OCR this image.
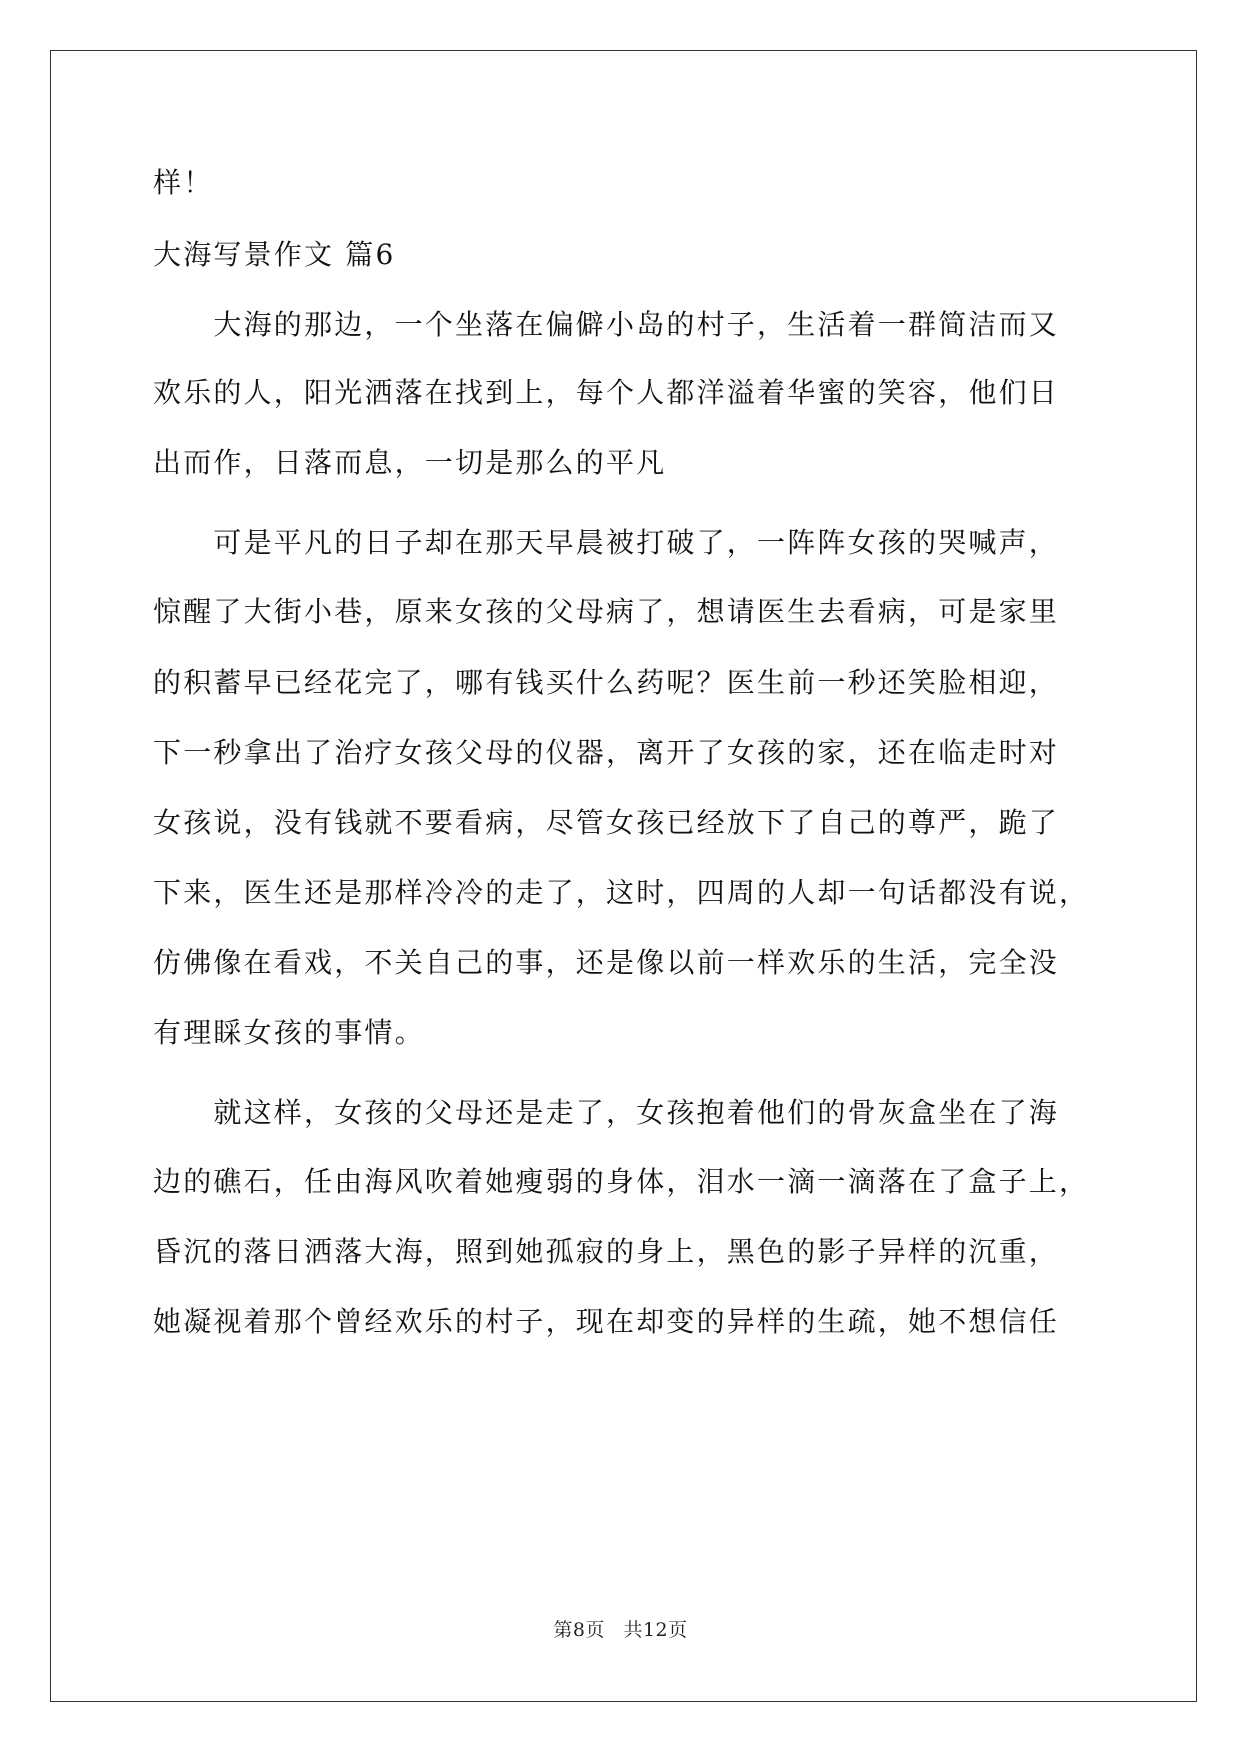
样！
大海写景作文 篇6
　　大海的那边，一个坐落在偏僻小岛的村子，生活着一群简洁而又
欢乐的人，阳光洒落在找到上，每个人都洋溢着华蜜的笑容，他们日
出而作，日落而息，一切是那么的平凡
　　可是平凡的日子却在那天早晨被打破了，一阵阵女孩的哭喊声，
惊醒了大街小巷，原来女孩的父母病了，想请医生去看病，可是家里
的积蓄早已经花完了，哪有钱买什么药呢？医生前一秒还笑脸相迎，
下一秒拿出了治疗女孩父母的仪器，离开了女孩的家，还在临走时对
女孩说，没有钱就不要看病，尽管女孩已经放下了自己的尊严，跪了
下来，医生还是那样冷冷的走了，这时，四周的人却一句话都没有说，
仿佛像在看戏，不关自己的事，还是像以前一样欢乐的生活，完全没
有理睬女孩的事情。
　　就这样，女孩的父母还是走了，女孩抱着他们的骨灰盒坐在了海
边的礁石，任由海风吹着她瘦弱的身体，泪水一滴一滴落在了盒子上，
昏沉的落日洒落大海，照到她孤寂的身上，黑色的影子异样的沉重，
她凝视着那个曾经欢乐的村子，现在却变的异样的生疏，她不想信任
第8页 共12页
